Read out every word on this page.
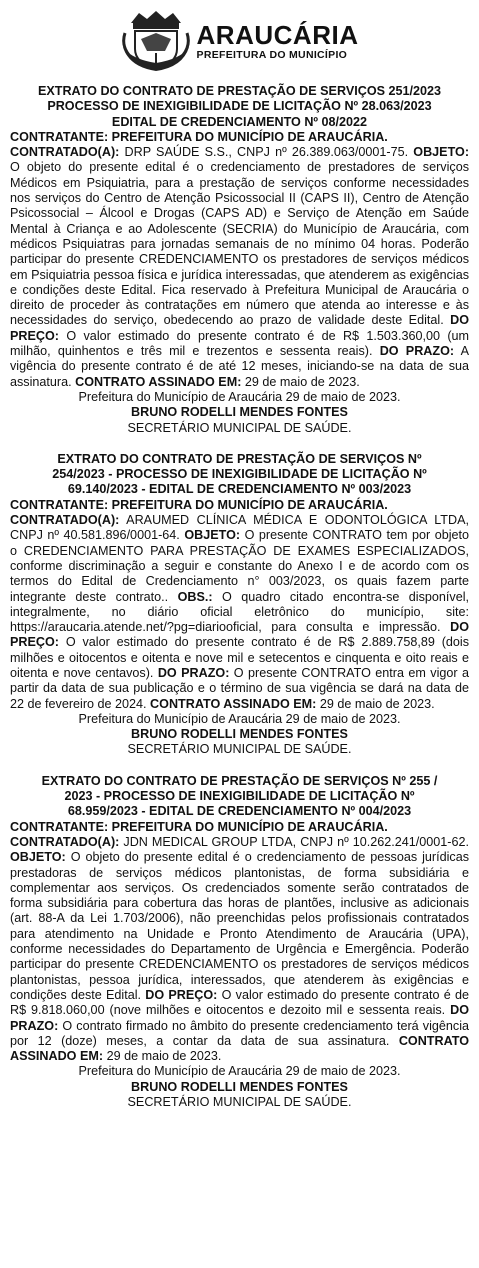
ARAUCÁRIA
PREFEITURA DO MUNICÍPIO
EXTRATO DO CONTRATO DE PRESTAÇÃO DE SERVIÇOS 251/2023
PROCESSO DE INEXIGIBILIDADE DE LICITAÇÃO Nº 28.063/2023
EDITAL DE CREDENCIAMENTO Nº 08/2022
CONTRATANTE: PREFEITURA DO MUNICÍPIO DE ARAUCÁRIA.
CONTRATADO(A): DRP SAÚDE S.S., CNPJ nº 26.389.063/0001-75. OBJETO: O objeto do presente edital é o credenciamento de prestadores de serviços Médicos em Psiquiatria, para a prestação de serviços conforme necessidades nos serviços do Centro de Atenção Psicossocial II (CAPS II), Centro de Atenção Psicossocial – Álcool e Drogas (CAPS AD) e Serviço de Atenção em Saúde Mental à Criança e ao Adolescente (SECRIA) do Município de Araucária, com médicos Psiquiatras para jornadas semanais de no mínimo 04 horas. Poderão participar do presente CREDENCIAMENTO os prestadores de serviços médicos em Psiquiatria pessoa física e jurídica interessadas, que atenderem as exigências e condições deste Edital. Fica reservado à Prefeitura Municipal de Araucária o direito de proceder às contratações em número que atenda ao interesse e às necessidades do serviço, obedecendo ao prazo de validade deste Edital. DO PREÇO: O valor estimado do presente contrato é de R$ 1.503.360,00 (um milhão, quinhentos e três mil e trezentos e sessenta reais). DO PRAZO: A vigência do presente contrato é de até 12 meses, iniciando-se na data de sua assinatura. CONTRATO ASSINADO EM: 29 de maio de 2023.
Prefeitura do Município de Araucária 29 de maio de 2023.
BRUNO RODELLI MENDES FONTES
SECRETÁRIO MUNICIPAL DE SAÚDE.
EXTRATO DO CONTRATO DE PRESTAÇÃO DE SERVIÇOS Nº
254/2023 - PROCESSO DE INEXIGIBILIDADE DE LICITAÇÃO Nº
69.140/2023 - EDITAL DE CREDENCIAMENTO Nº 003/2023
CONTRATANTE: PREFEITURA DO MUNICÍPIO DE ARAUCÁRIA.
CONTRATADO(A): ARAUMED CLÍNICA MÉDICA E ODONTOLÓGICA LTDA, CNPJ nº 40.581.896/0001-64. OBJETO: O presente CONTRATO tem por objeto o CREDENCIAMENTO PARA PRESTAÇÃO DE EXAMES ESPECIALIZADOS, conforme discriminação a seguir e constante do Anexo I e de acordo com os termos do Edital de Credenciamento n° 003/2023, os quais fazem parte integrante deste contrato.. OBS.: O quadro citado encontra-se disponível, integralmente, no diário oficial eletrônico do município, site: https://araucaria.atende.net/?pg=diariooficial, para consulta e impressão. DO PREÇO: O valor estimado do presente contrato é de R$ 2.889.758,89 (dois milhões e oitocentos e oitenta e nove mil e setecentos e cinquenta e oito reais e oitenta e nove centavos). DO PRAZO: O presente CONTRATO entra em vigor a partir da data de sua publicação e o término de sua vigência se dará na data de 22 de fevereiro de 2024. CONTRATO ASSINADO EM: 29 de maio de 2023.
Prefeitura do Município de Araucária 29 de maio de 2023.
BRUNO RODELLI MENDES FONTES
SECRETÁRIO MUNICIPAL DE SAÚDE.
EXTRATO DO CONTRATO DE PRESTAÇÃO DE SERVIÇOS Nº 255 /
2023 - PROCESSO DE INEXIGIBILIDADE DE LICITAÇÃO Nº
68.959/2023 - EDITAL DE CREDENCIAMENTO Nº 004/2023
CONTRATANTE: PREFEITURA DO MUNICÍPIO DE ARAUCÁRIA.
CONTRATADO(A): JDN MEDICAL GROUP LTDA, CNPJ nº 10.262.241/0001-62. OBJETO: O objeto do presente edital é o credenciamento de pessoas jurídicas prestadoras de serviços médicos plantonistas, de forma subsidiária e complementar aos serviços. Os credenciados somente serão contratados de forma subsidiária para cobertura das horas de plantões, inclusive as adicionais (art. 88-A da Lei 1.703/2006), não preenchidas pelos profissionais contratados para atendimento na Unidade e Pronto Atendimento de Araucária (UPA), conforme necessidades do Departamento de Urgência e Emergência. Poderão participar do presente CREDENCIAMENTO os prestadores de serviços médicos plantonistas, pessoa jurídica, interessados, que atenderem às exigências e condições deste Edital. DO PREÇO: O valor estimado do presente contrato é de R$ 9.818.060,00 (nove milhões e oitocentos e dezoito mil e sessenta reais. DO PRAZO: O contrato firmado no âmbito do presente credenciamento terá vigência por 12 (doze) meses, a contar da data de sua assinatura. CONTRATO ASSINADO EM: 29 de maio de 2023.
Prefeitura do Município de Araucária 29 de maio de 2023.
BRUNO RODELLI MENDES FONTES
SECRETÁRIO MUNICIPAL DE SAÚDE.
